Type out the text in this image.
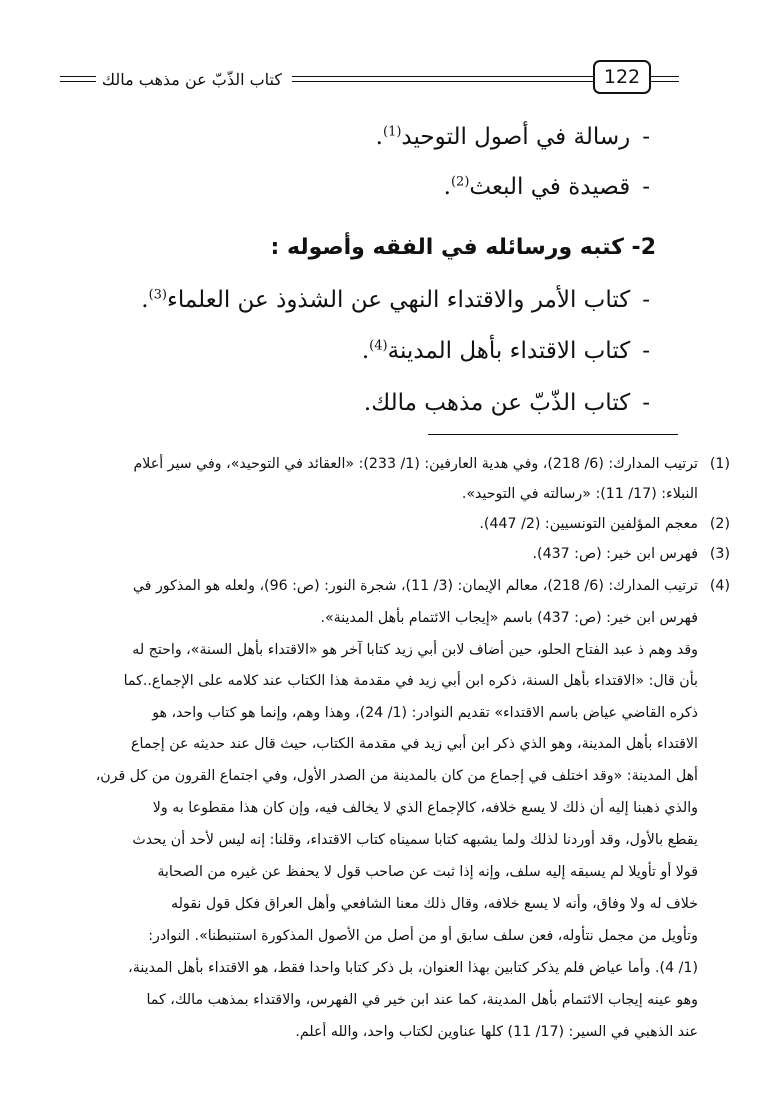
كتاب الذّبّ عن مذهب مالك	122
-رسالة في أصول التوحيد$^{(1)}$.
-قصيدة في البعث$^{(2)}$.
2- كتبه ورسائله في الفقه وأصوله :
-كتاب الأمر والاقتداء النهي عن الشذوذ عن العلماء$^{(3)}$.
-كتاب الاقتداء بأهل المدينة$^{(4)}$.
-كتاب الذّبّ عن مذهب مالك.
(1)
ترتيب المدارك: (6/ 218)، وفي هدية العارفين: (1/ 233): «العقائد في التوحيد»، وفي سير أعلام
النبلاء: (17/ 11): «رسالته في التوحيد».
(2)
معجم المؤلفين التونسيين: (2/ 447).
(3)
فهرس ابن خير: (ص: 437).
(4)
ترتيب المدارك: (6/ 218)، معالم الإيمان: (3/ 11)، شجرة النور: (ص: 96)، ولعله هو المذكور في
فهرس ابن خير: (ص: 437) باسم «إيجاب الائتمام بأهل المدينة».
وقد وهم ذ عبد الفتاح الحلو، حين أضاف لابن أبي زيد كتابا آخر هو «الاقتداء بأهل السنة»، واحتج له
بأن قال: «الاقتداء بأهل السنة، ذكره ابن أبي زيد في مقدمة هذا الكتاب عند كلامه على الإجماع..كما
ذكره القاضي عياض باسم الاقتداء» تقديم النوادر: (1/ 24)، وهذا وهم، وإنما هو كتاب واحد، هو
الاقتداء بأهل المدينة، وهو الذي ذكر ابن أبي زيد في مقدمة الكتاب، حيث قال عند حديثه عن إجماع
أهل المدينة: «وقد اختلف في إجماع من كان بالمدينة من الصدر الأول، وفي اجتماع القرون من كل قرن،
والذي ذهبنا إليه أن ذلك لا يسع خلافه، كالإجماع الذي لا يخالف فيه، وإن كان هذا مقطوعا به ولا
يقطع بالأول، وقد أوردنا لذلك ولما يشبهه كتابا سميناه كتاب الاقتداء، وقلنا: إنه ليس لأحد أن يحدث
قولا أو تأويلا لم يسبقه إليه سلف، وإنه إذا ثبت عن صاحب قول لا يحفظ عن غيره من الصحابة
خلاف له ولا وفاق، وأنه لا يسع خلافه، وقال ذلك معنا الشافعي وأهل العراق فكل قول نقوله
وتأويل من مجمل نتأوله، فعن سلف سابق أو من أصل من الأصول المذكورة استنبطنا». النوادر:
(1/ 4). وأما عياض فلم يذكر كتابين بهذا العنوان، بل ذكر كتابا واحدا فقط، هو الاقتداء بأهل المدينة،
وهو عينه إيجاب الائتمام بأهل المدينة، كما عند ابن خير في الفهرس، والاقتداء بمذهب مالك، كما
عند الذهبي في السير: (17/ 11) كلها عناوين لكتاب واحد، والله أعلم.
